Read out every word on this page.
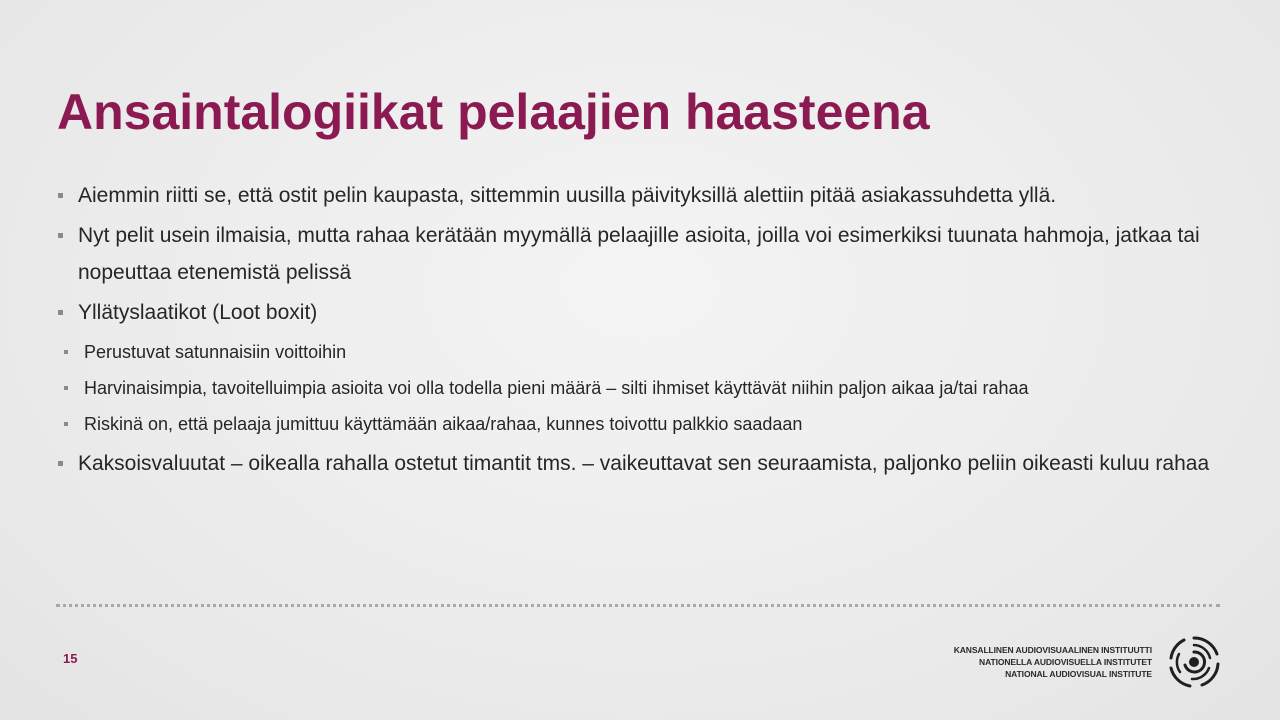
Ansaintalogiikat pelaajien haasteena
Aiemmin riitti se, että ostit pelin kaupasta, sittemmin uusilla päivityksillä alettiin pitää asiakassuhdetta yllä.
Nyt pelit usein ilmaisia, mutta rahaa kerätään myymällä pelaajille asioita, joilla voi esimerkiksi tuunata hahmoja, jatkaa tai nopeuttaa etenemistä pelissä
Yllätyslaatikot (Loot boxit)
Perustuvat satunnaisiin voittoihin
Harvinaisimpia, tavoitelluimpia asioita voi olla todella pieni määrä – silti ihmiset käyttävät niihin paljon aikaa ja/tai rahaa
Riskinä on, että pelaaja jumittuu käyttämään aikaa/rahaa, kunnes toivottu palkkio saadaan
Kaksoisvaluutat – oikealla rahalla ostetut timantit tms. – vaikeuttavat sen seuraamista, paljonko peliin oikeasti kuluu rahaa
15
KANSALLINEN AUDIOVISUAALINEN INSTITUUTTI
NATIONELLA AUDIOVISUELLA INSTITUTET
NATIONAL AUDIOVISUAL INSTITUTE
